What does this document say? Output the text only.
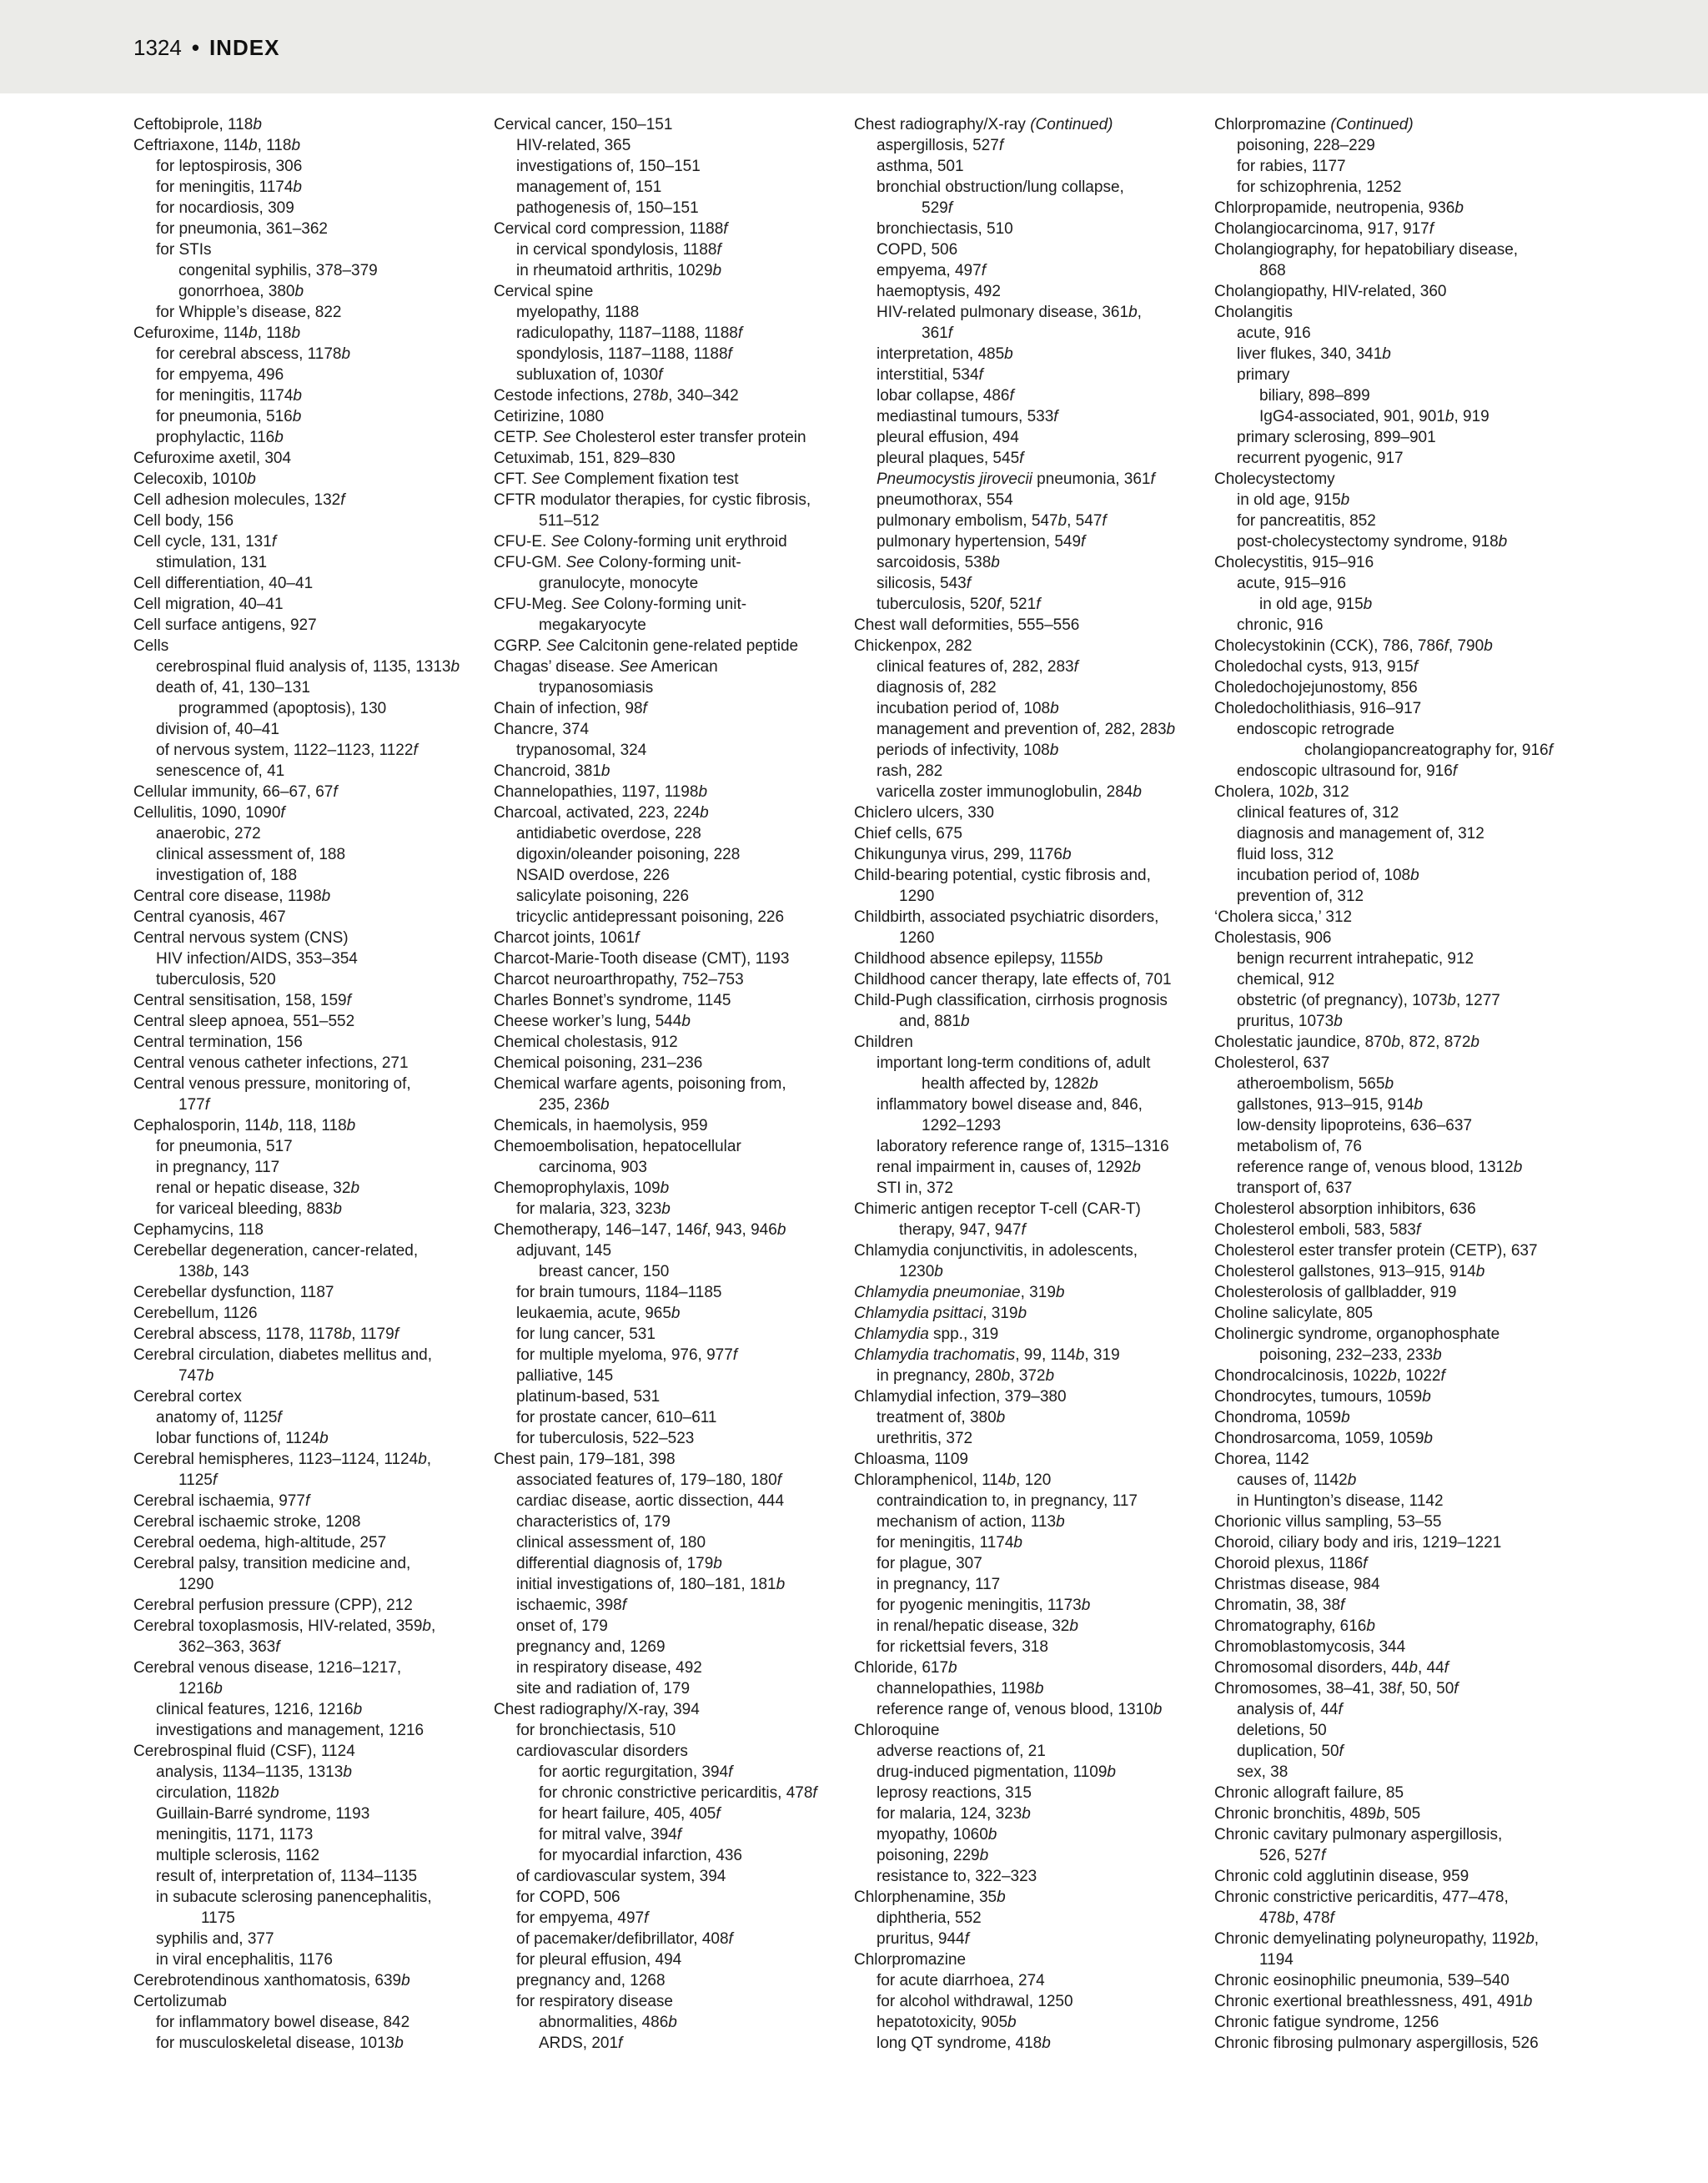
1324 • INDEX
Ceftobiprole, 118b
Ceftriaxone, 114b, 118b
for leptospirosis, 306
for meningitis, 1174b
for nocardiosis, 309
for pneumonia, 361–362
for STIs
congenital syphilis, 378–379
gonorrhoea, 380b
for Whipple’s disease, 822
Cefuroxime, 114b, 118b
for cerebral abscess, 1178b
for empyema, 496
for meningitis, 1174b
for pneumonia, 516b
prophylactic, 116b
Cefuroxime axetil, 304
Celecoxib, 1010b
Cell adhesion molecules, 132f
Cell body, 156
Cell cycle, 131, 131f
stimulation, 131
Cell differentiation, 40–41
Cell migration, 40–41
Cell surface antigens, 927
Cells
cerebrospinal fluid analysis of, 1135, 1313b
death of, 41, 130–131
programmed (apoptosis), 130
division of, 40–41
of nervous system, 1122–1123, 1122f
senescence of, 41
Cellular immunity, 66–67, 67f
Cellulitis, 1090, 1090f
anaerobic, 272
clinical assessment of, 188
investigation of, 188
Central core disease, 1198b
Central cyanosis, 467
Central nervous system (CNS)
HIV infection/AIDS, 353–354
tuberculosis, 520
Central sensitisation, 158, 159f
Central sleep apnoea, 551–552
Central termination, 156
Central venous catheter infections, 271
Central venous pressure, monitoring of,
177f
Cephalosporin, 114b, 118, 118b
for pneumonia, 517
in pregnancy, 117
renal or hepatic disease, 32b
for variceal bleeding, 883b
Cephamycins, 118
Cerebellar degeneration, cancer-related,
138b, 143
Cerebellar dysfunction, 1187
Cerebellum, 1126
Cerebral abscess, 1178, 1178b, 1179f
Cerebral circulation, diabetes mellitus and,
747b
Cerebral cortex
anatomy of, 1125f
lobar functions of, 1124b
Cerebral hemispheres, 1123–1124, 1124b,
1125f
Cerebral ischaemia, 977f
Cerebral ischaemic stroke, 1208
Cerebral oedema, high-altitude, 257
Cerebral palsy, transition medicine and,
1290
Cerebral perfusion pressure (CPP), 212
Cerebral toxoplasmosis, HIV-related, 359b,
362–363, 363f
Cerebral venous disease, 1216–1217,
1216b
clinical features, 1216, 1216b
investigations and management, 1216
Cerebrospinal fluid (CSF), 1124
analysis, 1134–1135, 1313b
circulation, 1182b
Guillain-Barré syndrome, 1193
meningitis, 1171, 1173
multiple sclerosis, 1162
result of, interpretation of, 1134–1135
in subacute sclerosing panencephalitis,
1175
syphilis and, 377
in viral encephalitis, 1176
Cerebrotendinous xanthomatosis, 639b
Certolizumab
for inflammatory bowel disease, 842
for musculoskeletal disease, 1013b
Cervical cancer, 150–151
HIV-related, 365
investigations of, 150–151
management of, 151
pathogenesis of, 150–151
Cervical cord compression, 1188f
in cervical spondylosis, 1188f
in rheumatoid arthritis, 1029b
Cervical spine
myelopathy, 1188
radiculopathy, 1187–1188, 1188f
spondylosis, 1187–1188, 1188f
subluxation of, 1030f
Cestode infections, 278b, 340–342
Cetirizine, 1080
CETP. See Cholesterol ester transfer protein
Cetuximab, 151, 829–830
CFT. See Complement fixation test
CFTR modulator therapies, for cystic fibrosis,
511–512
CFU-E. See Colony-forming unit erythroid
CFU-GM. See Colony-forming unit-
granulocyte, monocyte
CFU-Meg. See Colony-forming unit-
megakaryocyte
CGRP. See Calcitonin gene-related peptide
Chagas’ disease. See American
trypanosomiasis
Chain of infection, 98f
Chancre, 374
trypanosomal, 324
Chancroid, 381b
Channelopathies, 1197, 1198b
Charcoal, activated, 223, 224b
antidiabetic overdose, 228
digoxin/oleander poisoning, 228
NSAID overdose, 226
salicylate poisoning, 226
tricyclic antidepressant poisoning, 226
Charcot joints, 1061f
Charcot-Marie-Tooth disease (CMT), 1193
Charcot neuroarthropathy, 752–753
Charles Bonnet’s syndrome, 1145
Cheese worker’s lung, 544b
Chemical cholestasis, 912
Chemical poisoning, 231–236
Chemical warfare agents, poisoning from,
235, 236b
Chemicals, in haemolysis, 959
Chemoembolisation, hepatocellular
carcinoma, 903
Chemoprophylaxis, 109b
for malaria, 323, 323b
Chemotherapy, 146–147, 146f, 943, 946b
adjuvant, 145
breast cancer, 150
for brain tumours, 1184–1185
leukaemia, acute, 965b
for lung cancer, 531
for multiple myeloma, 976, 977f
palliative, 145
platinum-based, 531
for prostate cancer, 610–611
for tuberculosis, 522–523
Chest pain, 179–181, 398
associated features of, 179–180, 180f
cardiac disease, aortic dissection, 444
characteristics of, 179
clinical assessment of, 180
differential diagnosis of, 179b
initial investigations of, 180–181, 181b
ischaemic, 398f
onset of, 179
pregnancy and, 1269
in respiratory disease, 492
site and radiation of, 179
Chest radiography/X-ray, 394
for bronchiectasis, 510
cardiovascular disorders
for aortic regurgitation, 394f
for chronic constrictive pericarditis, 478f
for heart failure, 405, 405f
for mitral valve, 394f
for myocardial infarction, 436
of cardiovascular system, 394
for COPD, 506
for empyema, 497f
of pacemaker/defibrillator, 408f
for pleural effusion, 494
pregnancy and, 1268
for respiratory disease
abnormalities, 486b
ARDS, 201f
Chest radiography/X-ray (Continued)
aspergillosis, 527f
asthma, 501
bronchial obstruction/lung collapse,
529f
bronchiectasis, 510
COPD, 506
empyema, 497f
haemoptysis, 492
HIV-related pulmonary disease, 361b,
361f
interpretation, 485b
interstitial, 534f
lobar collapse, 486f
mediastinal tumours, 533f
pleural effusion, 494
pleural plaques, 545f
Pneumocystis jirovecii pneumonia, 361f
pneumothorax, 554
pulmonary embolism, 547b, 547f
pulmonary hypertension, 549f
sarcoidosis, 538b
silicosis, 543f
tuberculosis, 520f, 521f
Chest wall deformities, 555–556
Chickenpox, 282
clinical features of, 282, 283f
diagnosis of, 282
incubation period of, 108b
management and prevention of, 282, 283b
periods of infectivity, 108b
rash, 282
varicella zoster immunoglobulin, 284b
Chiclero ulcers, 330
Chief cells, 675
Chikungunya virus, 299, 1176b
Child-bearing potential, cystic fibrosis and,
1290
Childbirth, associated psychiatric disorders,
1260
Childhood absence epilepsy, 1155b
Childhood cancer therapy, late effects of, 701
Child-Pugh classification, cirrhosis prognosis
and, 881b
Children
important long-term conditions of, adult
health affected by, 1282b
inflammatory bowel disease and, 846,
1292–1293
laboratory reference range of, 1315–1316
renal impairment in, causes of, 1292b
STI in, 372
Chimeric antigen receptor T-cell (CAR-T)
therapy, 947, 947f
Chlamydia conjunctivitis, in adolescents,
1230b
Chlamydia pneumoniae, 319b
Chlamydia psittaci, 319b
Chlamydia spp., 319
Chlamydia trachomatis, 99, 114b, 319
in pregnancy, 280b, 372b
Chlamydial infection, 379–380
treatment of, 380b
urethritis, 372
Chloasma, 1109
Chloramphenicol, 114b, 120
contraindication to, in pregnancy, 117
mechanism of action, 113b
for meningitis, 1174b
for plague, 307
in pregnancy, 117
for pyogenic meningitis, 1173b
in renal/hepatic disease, 32b
for rickettsial fevers, 318
Chloride, 617b
channelopathies, 1198b
reference range of, venous blood, 1310b
Chloroquine
adverse reactions of, 21
drug-induced pigmentation, 1109b
leprosy reactions, 315
for malaria, 124, 323b
myopathy, 1060b
poisoning, 229b
resistance to, 322–323
Chlorphenamine, 35b
diphtheria, 552
pruritus, 944f
Chlorpromazine
for acute diarrhoea, 274
for alcohol withdrawal, 1250
hepatotoxicity, 905b
long QT syndrome, 418b
Chlorpromazine (Continued)
poisoning, 228–229
for rabies, 1177
for schizophrenia, 1252
Chlorpropamide, neutropenia, 936b
Cholangiocarcinoma, 917, 917f
Cholangiography, for hepatobiliary disease,
868
Cholangiopathy, HIV-related, 360
Cholangitis
acute, 916
liver flukes, 340, 341b
primary
biliary, 898–899
IgG4-associated, 901, 901b, 919
primary sclerosing, 899–901
recurrent pyogenic, 917
Cholecystectomy
in old age, 915b
for pancreatitis, 852
post-cholecystectomy syndrome, 918b
Cholecystitis, 915–916
acute, 915–916
in old age, 915b
chronic, 916
Cholecystokinin (CCK), 786, 786f, 790b
Choledochal cysts, 913, 915f
Choledochojejunostomy, 856
Choledocholithiasis, 916–917
endoscopic retrograde
cholangiopancreatography for, 916f
endoscopic ultrasound for, 916f
Cholera, 102b, 312
clinical features of, 312
diagnosis and management of, 312
fluid loss, 312
incubation period of, 108b
prevention of, 312
‘Cholera sicca,’ 312
Cholestasis, 906
benign recurrent intrahepatic, 912
chemical, 912
obstetric (of pregnancy), 1073b, 1277
pruritus, 1073b
Cholestatic jaundice, 870b, 872, 872b
Cholesterol, 637
atheroembolism, 565b
gallstones, 913–915, 914b
low-density lipoproteins, 636–637
metabolism of, 76
reference range of, venous blood, 1312b
transport of, 637
Cholesterol absorption inhibitors, 636
Cholesterol emboli, 583, 583f
Cholesterol ester transfer protein (CETP), 637
Cholesterol gallstones, 913–915, 914b
Cholesterolosis of gallbladder, 919
Choline salicylate, 805
Cholinergic syndrome, organophosphate
poisoning, 232–233, 233b
Chondrocalcinosis, 1022b, 1022f
Chondrocytes, tumours, 1059b
Chondroma, 1059b
Chondrosarcoma, 1059, 1059b
Chorea, 1142
causes of, 1142b
in Huntington’s disease, 1142
Chorionic villus sampling, 53–55
Choroid, ciliary body and iris, 1219–1221
Choroid plexus, 1186f
Christmas disease, 984
Chromatin, 38, 38f
Chromatography, 616b
Chromoblastomycosis, 344
Chromosomal disorders, 44b, 44f
Chromosomes, 38–41, 38f, 50, 50f
analysis of, 44f
deletions, 50
duplication, 50f
sex, 38
Chronic allograft failure, 85
Chronic bronchitis, 489b, 505
Chronic cavitary pulmonary aspergillosis,
526, 527f
Chronic cold agglutinin disease, 959
Chronic constrictive pericarditis, 477–478,
478b, 478f
Chronic demyelinating polyneuropathy, 1192b,
1194
Chronic eosinophilic pneumonia, 539–540
Chronic exertional breathlessness, 491, 491b
Chronic fatigue syndrome, 1256
Chronic fibrosing pulmonary aspergillosis, 526
